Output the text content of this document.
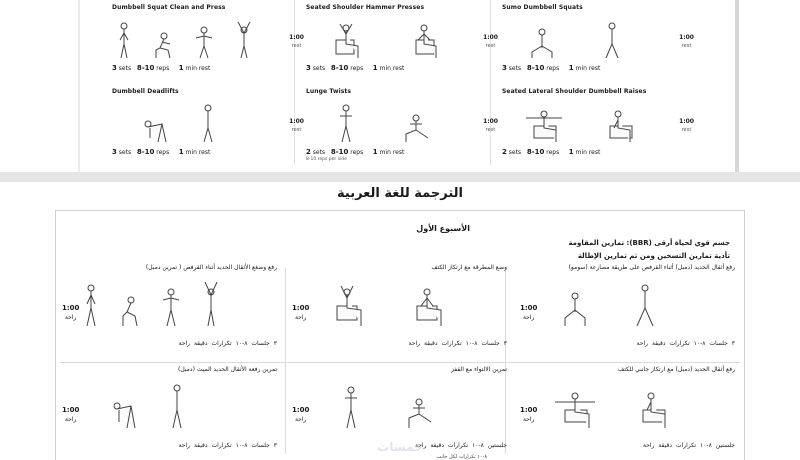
Dumbbell Squat Clean and Press
1:00
rest
3 sets 8-10 reps 1 min rest
Seated Shoulder Hammer Presses
1:00
rest
3 sets 8-10 reps 1 min rest
Sumo Dumbbell Squats
1:00
rest
3 sets 8-10 reps 1 min rest
Dumbbell Deadlifts
1:00
rest
3 sets 8-10 reps 1 min rest
Lunge Twists
1:00
rest
2 sets 8-10 reps 1 min rest
8-10 reps per side
Seated Lateral Shoulder Dumbbell Raises
1:00
rest
2 sets 8-10 reps 1 min rest
الترجمة للغة العربية
الأسبوع الأول
جسم قوي لحياة أرقى (BBR): تمارين المقاومة
تأدية تمارين التسخين ومن ثم تمارين الإطالة
رفع أثقال الحديد (دمبل) أثناء القرفص على طريقة مصارعة (سومو)
1:00
راحة
٣ جلسات ٨-١٠ تكرارات دقيقة راحة
وضع المطرقة مع ارتكاز الكتف
1:00
راحة
٣ جلسات ٨-١٠ تكرارات دقيقة راحة
رفع وضغع الأثقال الحديد أثناء القرفص ( تمرين دمبل)
1:00
راحة
٣ جلسات ٨-١٠ تكرارات دقيقة راحة
رفع أثقال الحديد (دمبل) مع ارتكاز جانبي للكتف
1:00
راحة
جلستين ٨-١٠ تكرارات دقيقة راحة
تمرين الالتواء مع القفز
1:00
راحة
جلستين ٨-١٠ تكرارات دقيقة راحة
٨-١٠ تكرارات لكل جانب
تمرين رفعة الأثقال الحديد الميت (دمبل)
1:00
راحة
٣ جلسات ٨-١٠ تكرارات دقيقة راحة	خمسات
